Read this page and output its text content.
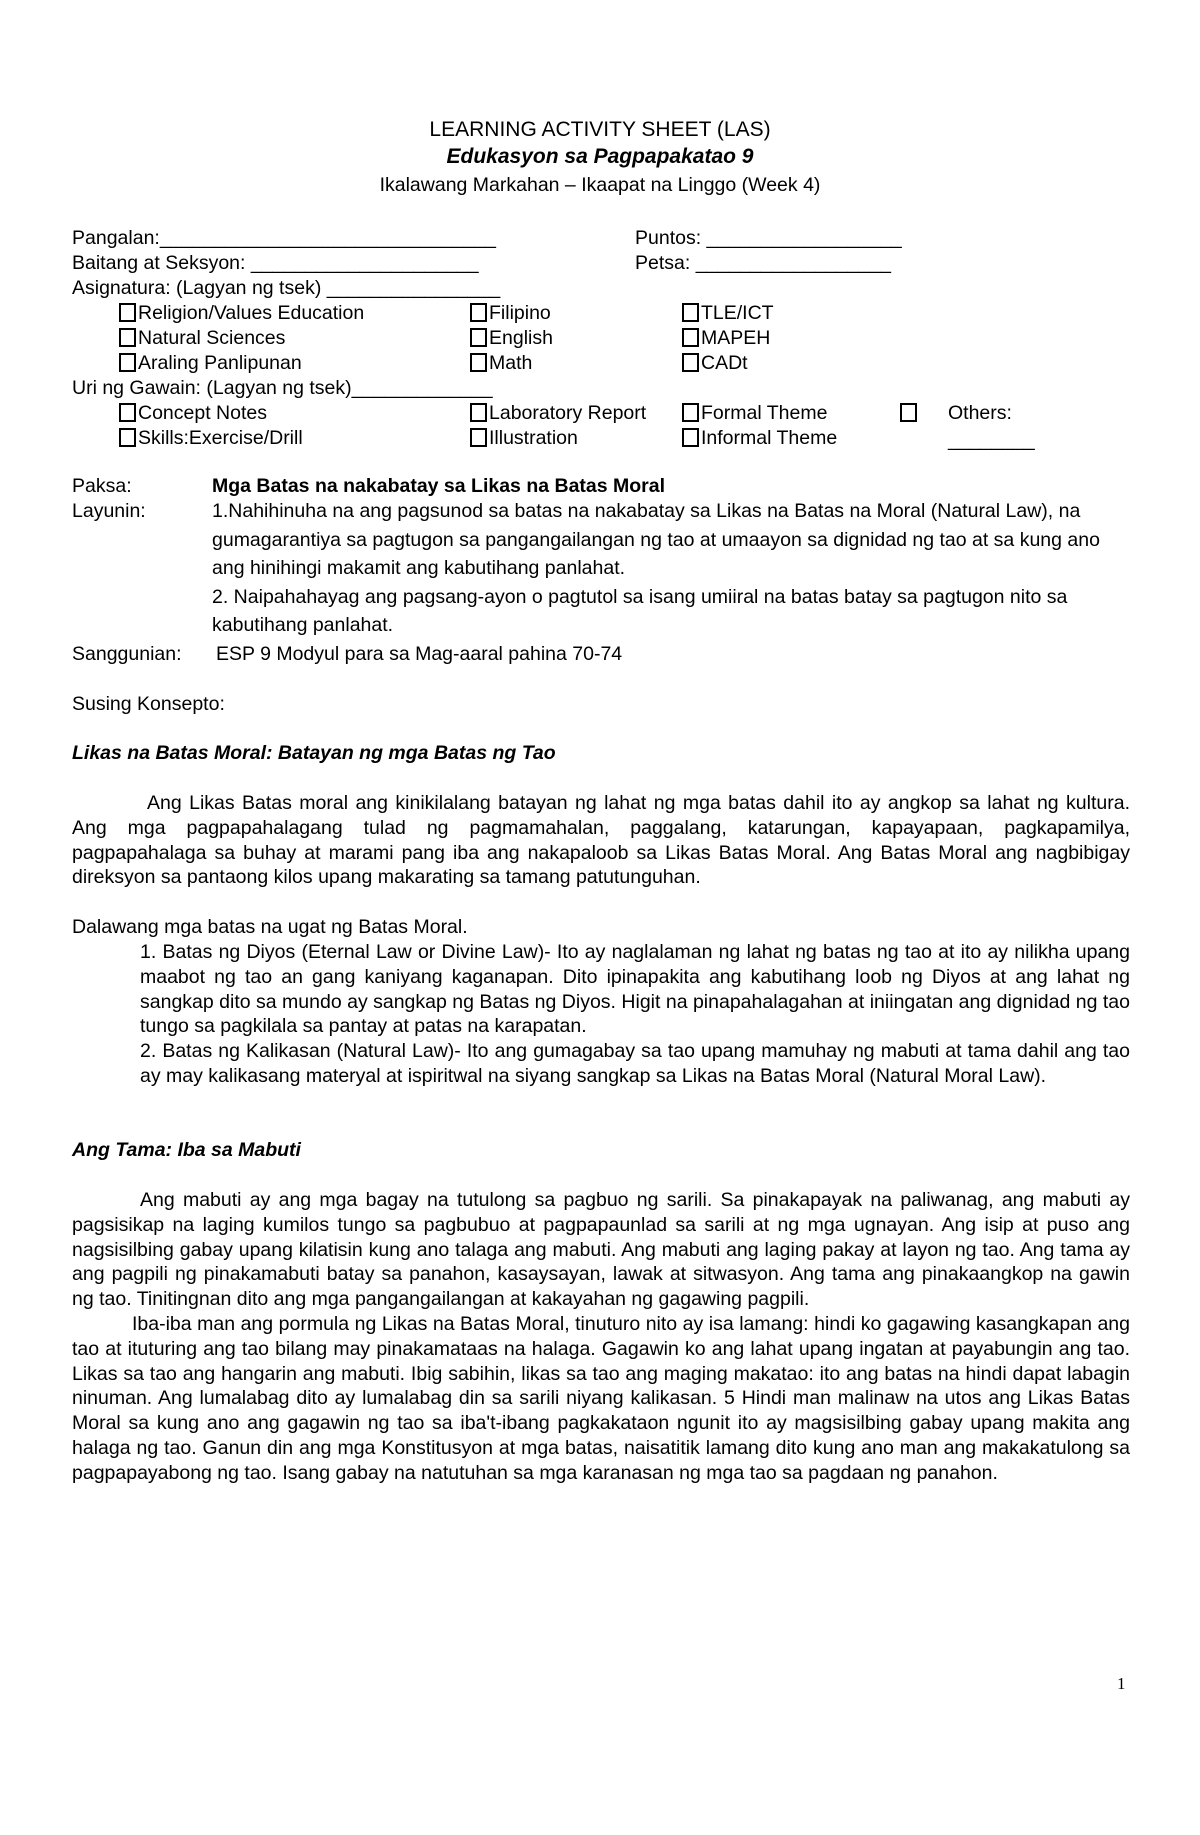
LEARNING ACTIVITY SHEET (LAS)
Edukasyon sa Pagpapakatao 9
Ikalawang Markahan – Ikaapat na Linggo (Week 4)
Pangalan:_______________________________	Puntos: __________________
Baitang at Seksyon: _____________________	Petsa: __________________
Asignatura: (Lagyan ng tsek) ________________
Religion/Values Education	Filipino	TLE/ICT
Natural Sciences	English	MAPEH
Araling Panlipunan	Math	CADt
Uri ng Gawain: (Lagyan ng tsek)_____________
Concept Notes	Laboratory Report	Formal Theme	Others:
Skills:Exercise/Drill	Illustration	Informal Theme	________
Paksa:	Mga Batas na nakabatay sa Likas na Batas Moral
Layunin:	1.Nahihinuha na ang pagsunod sa batas na nakabatay sa Likas na Batas na Moral (Natural Law), na gumagarantiya sa pagtugon sa pangangailangan ng tao at umaayon sa dignidad ng tao at sa kung ano ang hinihingi makamit ang kabutihang panlahat.

2. Naipahahayag ang pagsang-ayon o pagtutol sa isang umiiral na batas batay sa pagtugon nito sa kabutihang panlahat.

Sanggunian: ESP 9 Modyul para sa Mag-aaral pahina 70-74
Susing Konsepto:
Likas na Batas Moral: Batayan ng mga Batas ng Tao

Ang Likas Batas moral ang kinikilalang batayan ng lahat ng mga batas dahil ito ay angkop sa lahat ng kultura. Ang mga pagpapahalagang tulad ng pagmamahalan, paggalang, katarungan, kapayapaan, pagkapamilya, pagpapahalaga sa buhay at marami pang iba ang nakapaloob sa Likas Batas Moral. Ang Batas Moral ang nagbibigay direksyon sa pantaong kilos upang makarating sa tamang patutunguhan.

Dalawang mga batas na ugat ng Batas Moral.

1. Batas ng Diyos (Eternal Law or Divine Law)- Ito ay naglalaman ng lahat ng batas ng tao at ito ay nilikha upang maabot ng tao an gang kaniyang kaganapan. Dito ipinapakita ang kabutihang loob ng Diyos at ang lahat ng sangkap dito sa mundo ay sangkap ng Batas ng Diyos. Higit na pinapahalagahan at iniingatan ang dignidad ng tao tungo sa pagkilala sa pantay at patas na karapatan.

2. Batas ng Kalikasan (Natural Law)- Ito ang gumagabay sa tao upang mamuhay ng mabuti at tama dahil ang tao ay may kalikasang materyal at ispiritwal na siyang sangkap sa Likas na Batas Moral (Natural Moral Law).

Ang Tama: Iba sa Mabuti

Ang mabuti ay ang mga bagay na tutulong sa pagbuo ng sarili. Sa pinakapayak na paliwanag, ang mabuti ay pagsisikap na laging kumilos tungo sa pagbubuo at pagpapaunlad sa sarili at ng mga ugnayan. Ang isip at puso ang nagsisilbing gabay upang kilatisin kung ano talaga ang mabuti. Ang mabuti ang laging pakay at layon ng tao. Ang tama ay ang pagpili ng pinakamabuti batay sa panahon, kasaysayan, lawak at sitwasyon. Ang tama ang pinakaangkop na gawin ng tao. Tinitingnan dito ang mga pangangailangan at kakayahan ng gagawing pagpili.

Iba-iba man ang pormula ng Likas na Batas Moral, tinuturo nito ay isa lamang: hindi ko gagawing kasangkapan ang tao at ituturing ang tao bilang may pinakamataas na halaga. Gagawin ko ang lahat upang ingatan at payabungin ang tao. Likas sa tao ang hangarin ang mabuti. Ibig sabihin, likas sa tao ang maging makatao: ito ang batas na hindi dapat labagin ninuman. Ang lumalabag dito ay lumalabag din sa sarili niyang kalikasan. 5 Hindi man malinaw na utos ang Likas Batas Moral sa kung ano ang gagawin ng tao sa iba't-ibang pagkakataon ngunit ito ay magsisilbing gabay upang makita ang halaga ng tao. Ganun din ang mga Konstitusyon at mga batas, naisatitik lamang dito kung ano man ang makakatulong sa pagpapayabong ng tao. Isang gabay na natutuhan sa mga karanasan ng mga tao sa pagdaan ng panahon.

1
